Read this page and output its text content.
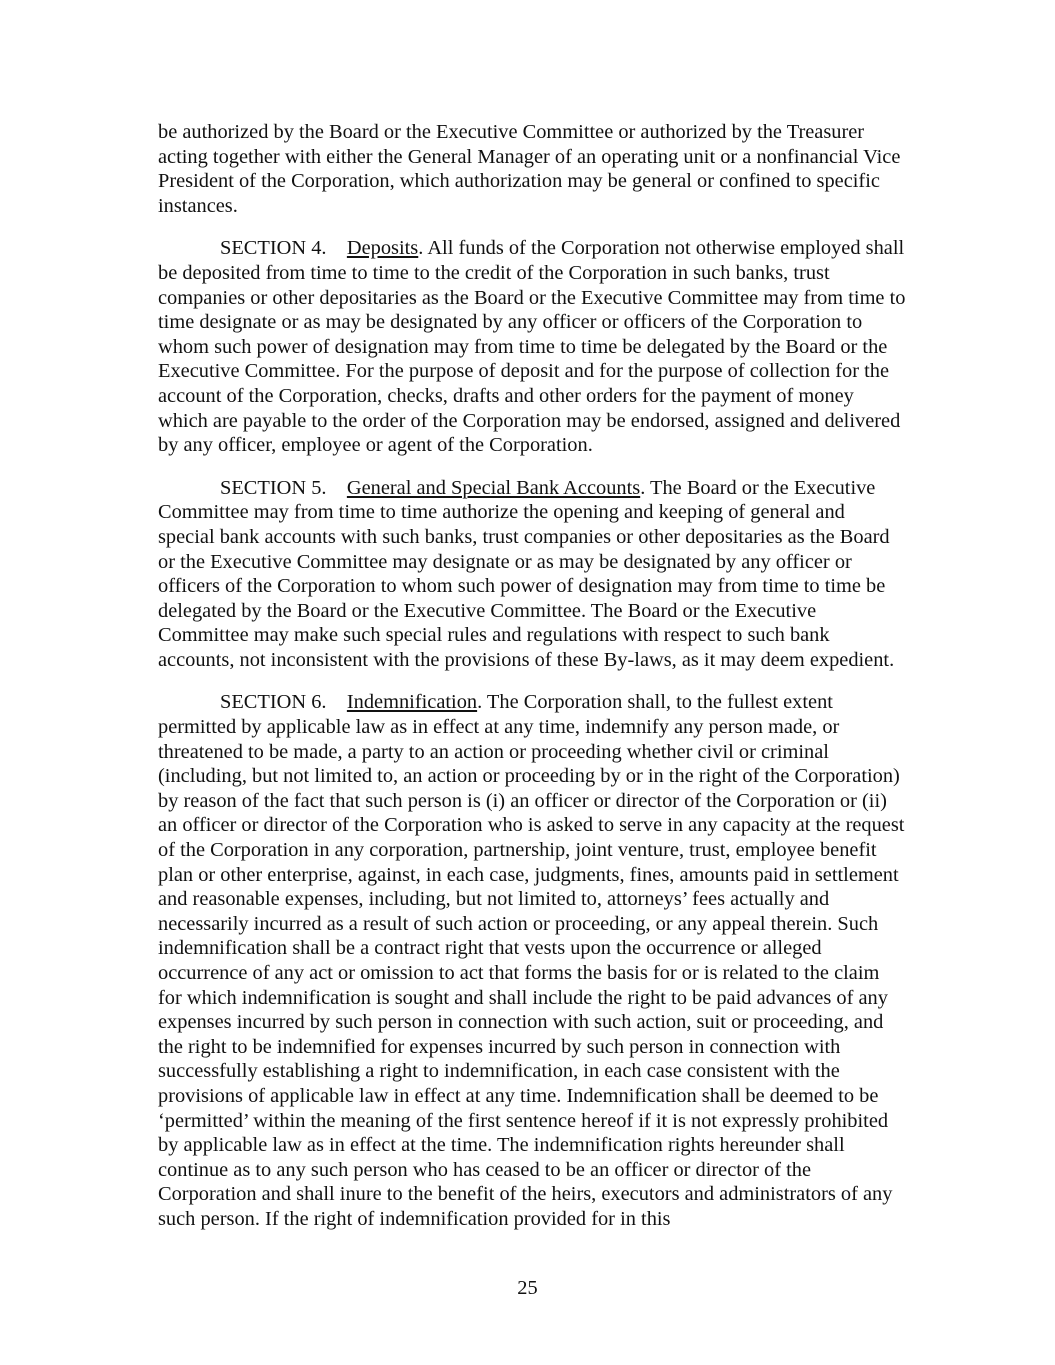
be authorized by the Board or the Executive Committee or authorized by the Treasurer acting together with either the General Manager of an operating unit or a nonfinancial Vice President of the Corporation, which authorization may be general or confined to specific instances.

SECTION 4.    Deposits. All funds of the Corporation not otherwise employed shall be deposited from time to time to the credit of the Corporation in such banks, trust companies or other depositaries as the Board or the Executive Committee may from time to time designate or as may be designated by any officer or officers of the Corporation to whom such power of designation may from time to time be delegated by the Board or the Executive Committee. For the purpose of deposit and for the purpose of collection for the account of the Corporation, checks, drafts and other orders for the payment of money which are payable to the order of the Corporation may be endorsed, assigned and delivered by any officer, employee or agent of the Corporation.

SECTION 5.    General and Special Bank Accounts. The Board or the Executive Committee may from time to time authorize the opening and keeping of general and special bank accounts with such banks, trust companies or other depositaries as the Board or the Executive Committee may designate or as may be designated by any officer or officers of the Corporation to whom such power of designation may from time to time be delegated by the Board or the Executive Committee. The Board or the Executive Committee may make such special rules and regulations with respect to such bank accounts, not inconsistent with the provisions of these By-laws, as it may deem expedient.

SECTION 6.    Indemnification. The Corporation shall, to the fullest extent permitted by applicable law as in effect at any time, indemnify any person made, or threatened to be made, a party to an action or proceeding whether civil or criminal (including, but not limited to, an action or proceeding by or in the right of the Corporation) by reason of the fact that such person is (i) an officer or director of the Corporation or (ii) an officer or director of the Corporation who is asked to serve in any capacity at the request of the Corporation in any corporation, partnership, joint venture, trust, employee benefit plan or other enterprise, against, in each case, judgments, fines, amounts paid in settlement and reasonable expenses, including, but not limited to, attorneys’ fees actually and necessarily incurred as a result of such action or proceeding, or any appeal therein. Such indemnification shall be a contract right that vests upon the occurrence or alleged occurrence of any act or omission to act that forms the basis for or is related to the claim for which indemnification is sought and shall include the right to be paid advances of any expenses incurred by such person in connection with such action, suit or proceeding, and the right to be indemnified for expenses incurred by such person in connection with successfully establishing a right to indemnification, in each case consistent with the provisions of applicable law in effect at any time. Indemnification shall be deemed to be ‘permitted’ within the meaning of the first sentence hereof if it is not expressly prohibited by applicable law as in effect at the time. The indemnification rights hereunder shall continue as to any such person who has ceased to be an officer or director of the Corporation and shall inure to the benefit of the heirs, executors and administrators of any such person. If the right of indemnification provided for in this

25
